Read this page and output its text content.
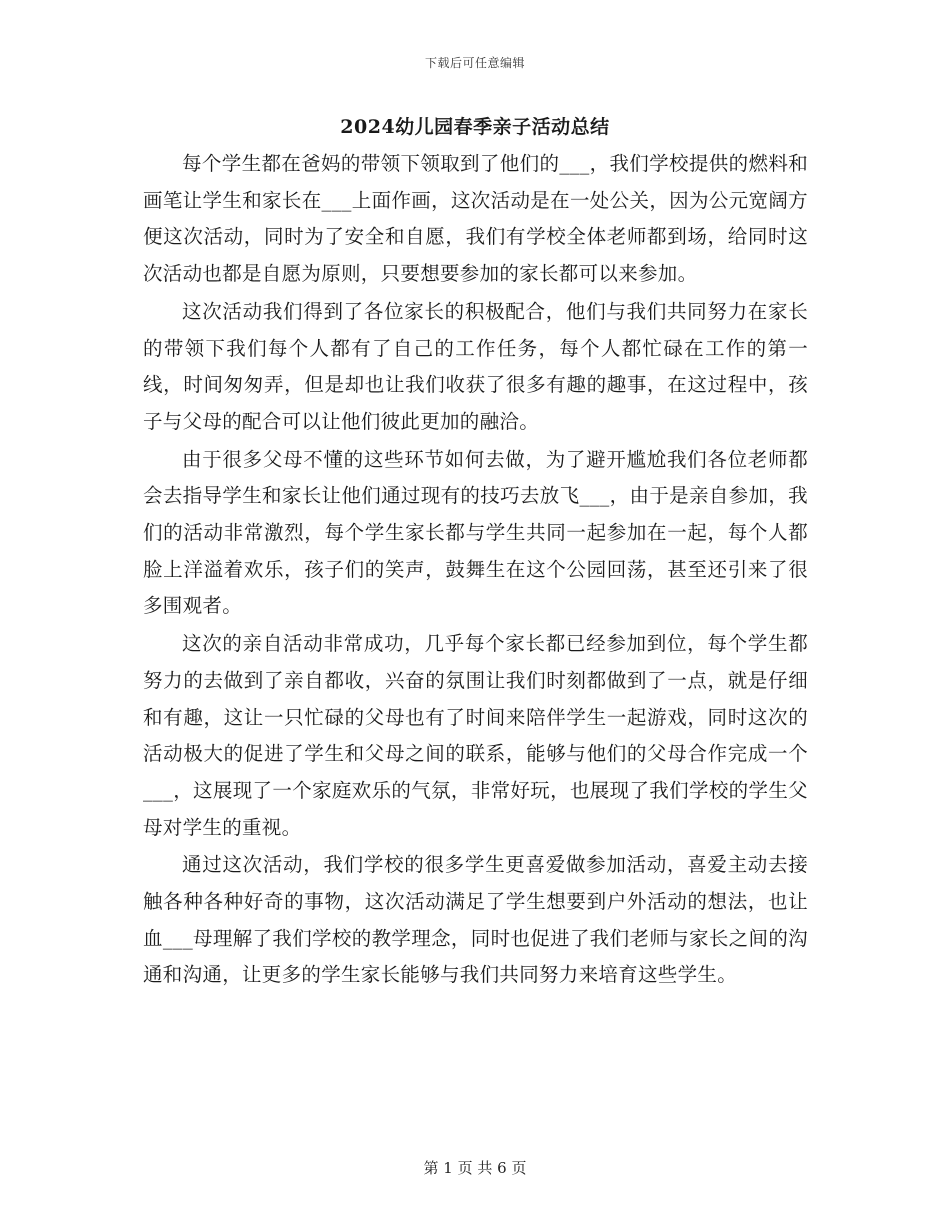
下载后可任意编辑
2024幼儿园春季亲子活动总结

每个学生都在爸妈的带领下领取到了他们的___，我们学校提供的燃料和画笔让学生和家长在___上面作画，这次活动是在一处公关，因为公元宽阔方便这次活动，同时为了安全和自愿，我们有学校全体老师都到场，给同时这次活动也都是自愿为原则，只要想要参加的家长都可以来参加。

这次活动我们得到了各位家长的积极配合，他们与我们共同努力在家长的带领下我们每个人都有了自己的工作任务，每个人都忙碌在工作的第一线，时间匆匆弄，但是却也让我们收获了很多有趣的趣事，在这过程中，孩子与父母的配合可以让他们彼此更加的融洽。

由于很多父母不懂的这些环节如何去做，为了避开尴尬我们各位老师都会去指导学生和家长让他们通过现有的技巧去放飞___，由于是亲自参加，我们的活动非常激烈，每个学生家长都与学生共同一起参加在一起，每个人都脸上洋溢着欢乐，孩子们的笑声，鼓舞生在这个公园回荡，甚至还引来了很多围观者。

这次的亲自活动非常成功，几乎每个家长都已经参加到位，每个学生都努力的去做到了亲自都收，兴奋的氛围让我们时刻都做到了一点，就是仔细和有趣，这让一只忙碌的父母也有了时间来陪伴学生一起游戏，同时这次的活动极大的促进了学生和父母之间的联系，能够与他们的父母合作完成一个___，这展现了一个家庭欢乐的气氛，非常好玩，也展现了我们学校的学生父母对学生的重视。

通过这次活动，我们学校的很多学生更喜爱做参加活动，喜爱主动去接触各种各种好奇的事物，这次活动满足了学生想要到户外活动的想法，也让血___母理解了我们学校的教学理念，同时也促进了我们老师与家长之间的沟通和沟通，让更多的学生家长能够与我们共同努力来培育这些学生。

第 1 页 共 6 页
